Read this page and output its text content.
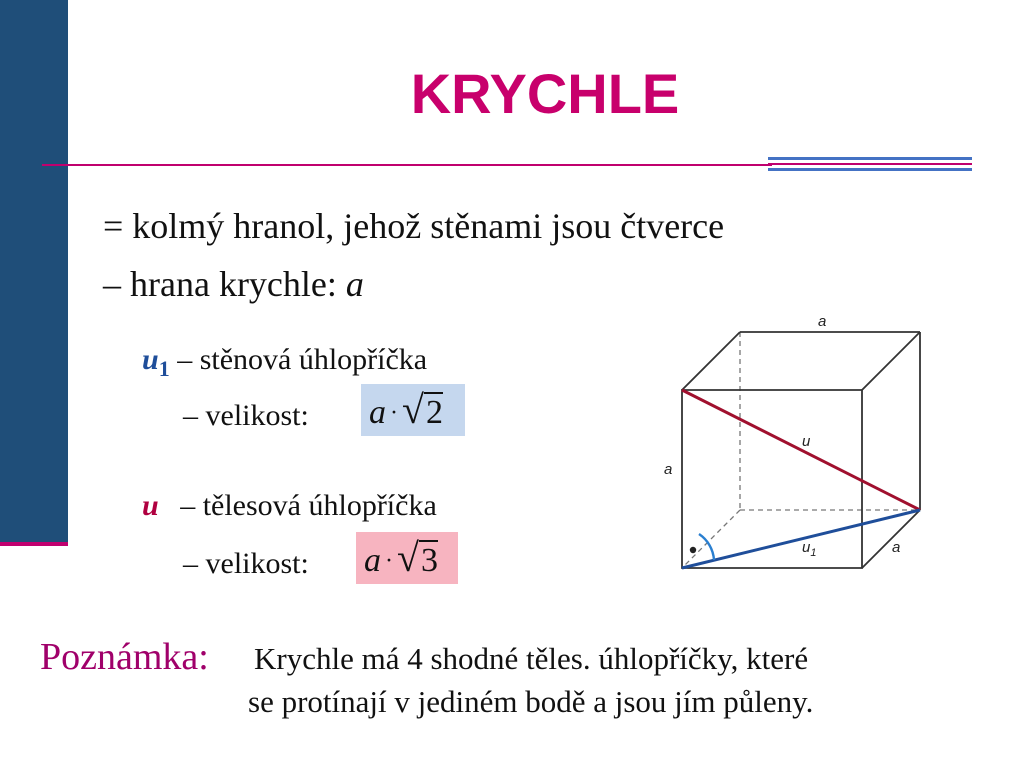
KRYCHLE
= kolmý hranol, jehož stěnami jsou čtverce
– hrana krychle: a
$u_1$ – stěnová úhlopříčka
– velikost: a · √2
u – tělesová úhlopříčka
– velikost: a · √3
a
a
a
u
$u_1$
Poznámka: Krychle má 4 shodné těles. úhlopříčky, které
se protínají v jediném bodě a jsou jím půleny.
